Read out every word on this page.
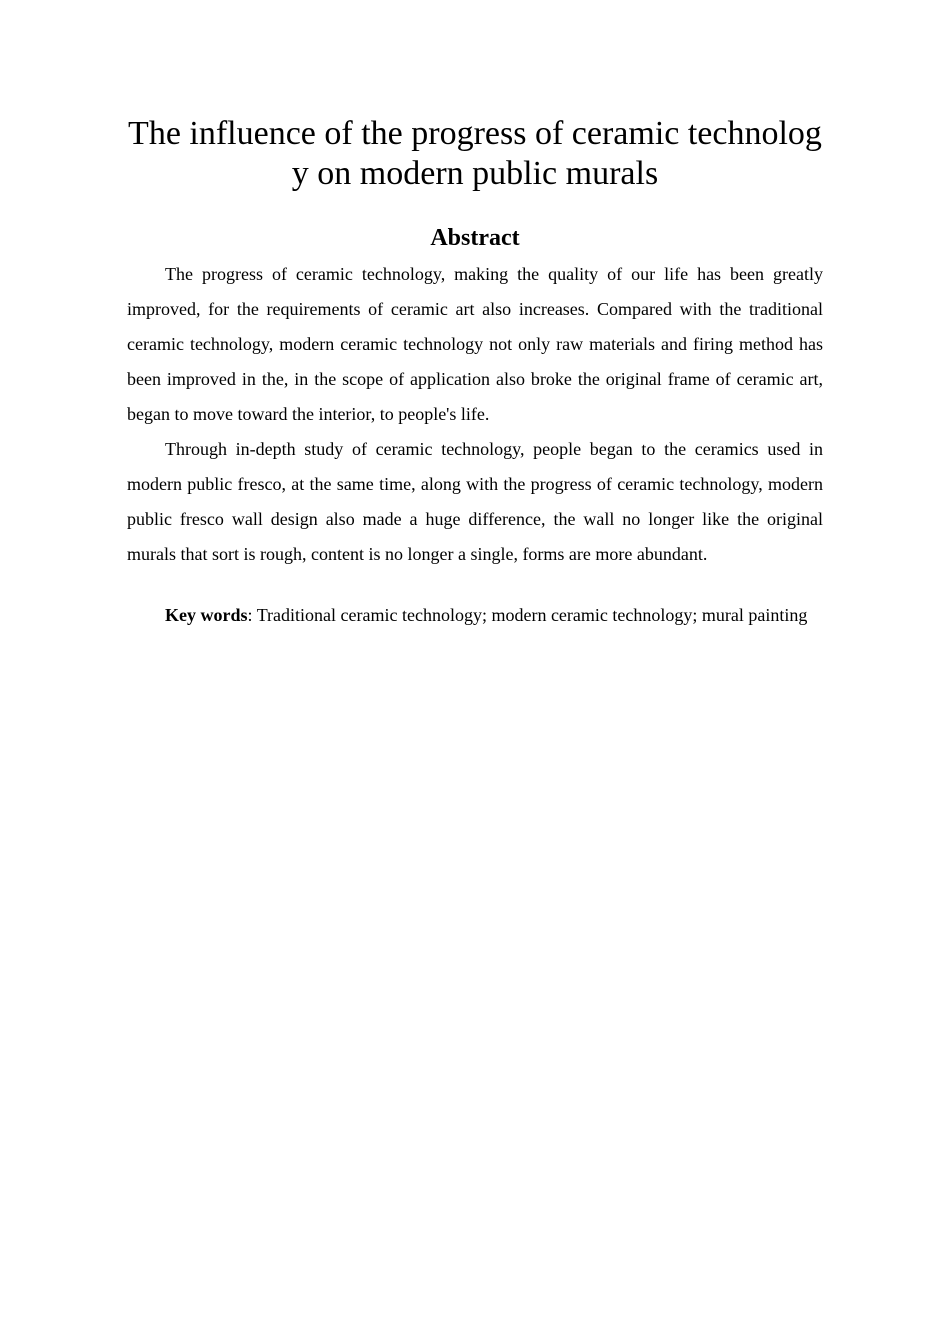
The influence of the progress of ceramic technology on modern public murals
Abstract

The progress of ceramic technology, making the quality of our life has been greatly improved, for the requirements of ceramic art also increases. Compared with the traditional ceramic technology, modern ceramic technology not only raw materials and firing method has been improved in the, in the scope of application also broke the original frame of ceramic art, began to move toward the interior, to people's life.

Through in-depth study of ceramic technology, people began to the ceramics used in modern public fresco, at the same time, along with the progress of ceramic technology, modern public fresco wall design also made a huge difference, the wall no longer like the original murals that sort is rough, content is no longer a single, forms are more abundant.

Key words: Traditional ceramic technology; modern ceramic technology; mural painting
